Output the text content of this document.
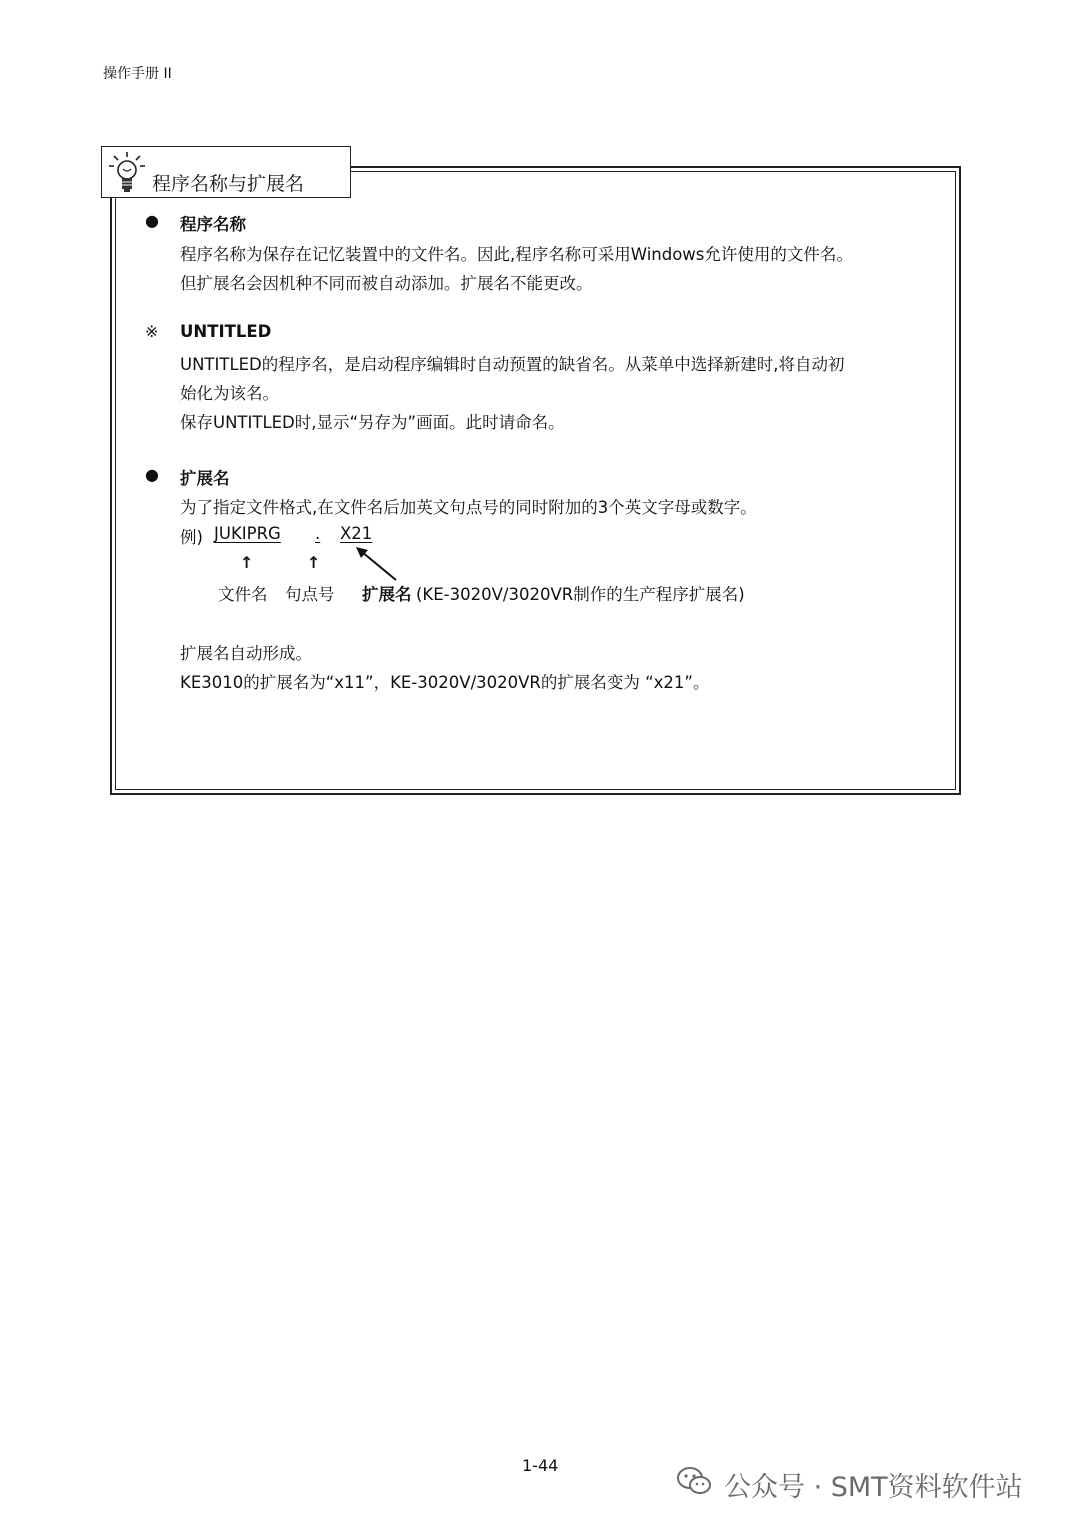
操作手册 II
程序名称与扩展名
● 程序名称
程序名称为保存在记忆装置中的文件名。因此,程序名称可采用Windows允许使用的文件名。
但扩展名会因机种不同而被自动添加。扩展名不能更改。
※ UNTITLED
UNTITLED的程序名，是启动程序编辑时自动预置的缺省名。从菜单中选择新建时,将自动初
始化为该名。
保存UNTITLED时,显示“另存为”画面。此时请命名。
● 扩展名
为了指定文件格式,在文件名后加英文句点号的同时附加的3个英文字母或数字。
例) JUKIPRG . X21
↑	↑
文件名 句点号 扩展名 (KE-3020V/3020VR制作的生产程序扩展名)
扩展名自动形成。
KE3010的扩展名为“x11”，KE-3020V/3020VR的扩展名变为 “x21”。
1-44
公众号 · SMT资料软件站
